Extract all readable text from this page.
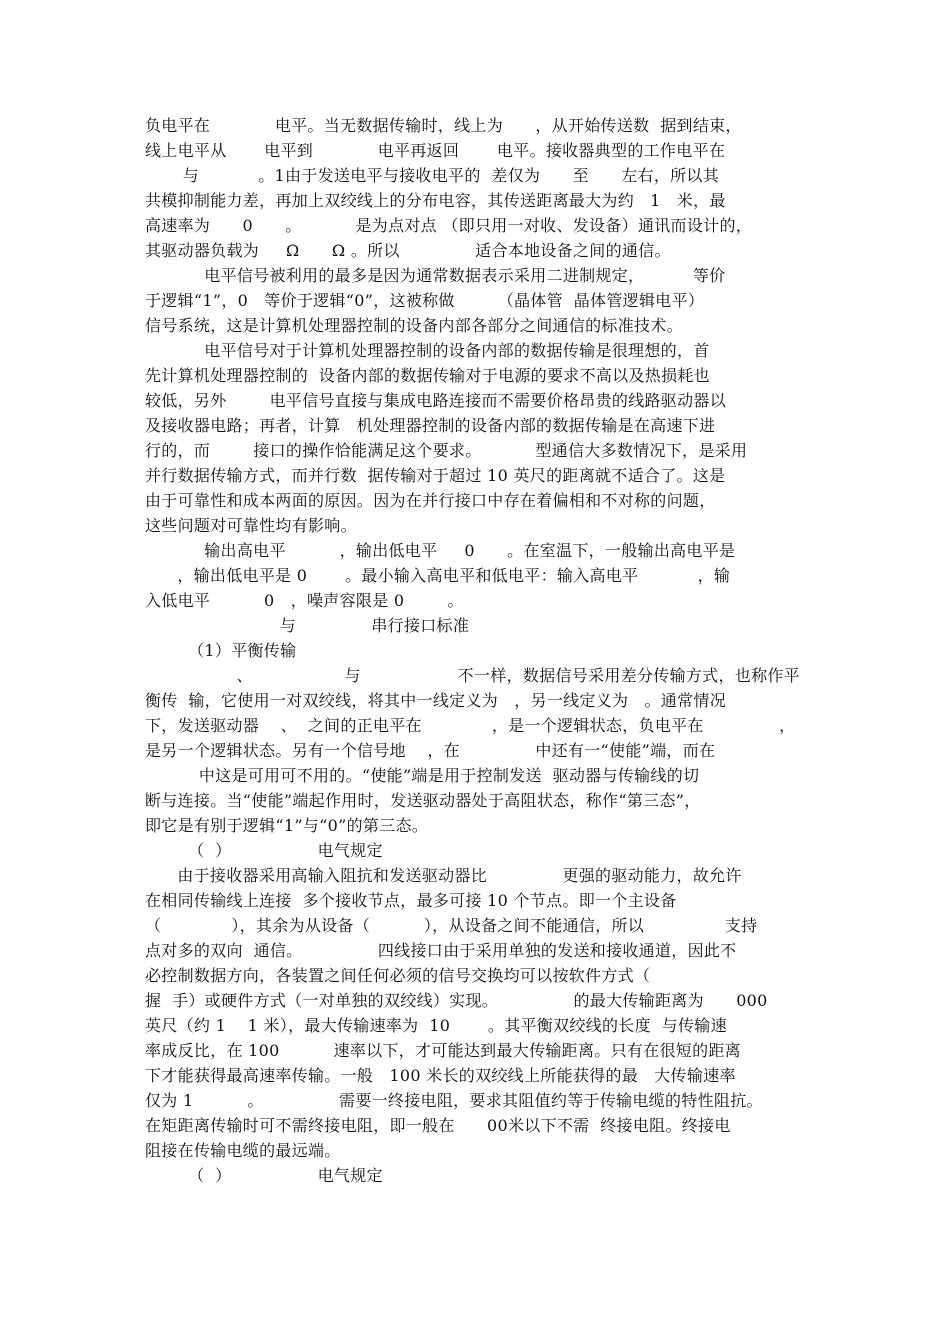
负电平在            电平。当无数据传输时，线上为      ，从开始传送数  据到结束，
线上电平从       电平到            电平再返回       电平。接收器典型的工作电平在
与           。1由于发送电平与接收电平的  差仅为      至      左右，所以其
共模抑制能力差，再加上双绞线上的分布电容，其传送距离最大为约   1   米，最
高速率为      0      。          是为点对点 （即只用一对收、发设备）通讯而设计的，
其驱动器负载为     Ω      Ω 。所以              适合本地设备之间的通信。
电平信号被利用的最多是因为通常数据表示采用二进制规定，         等价
于逻辑“1”，0   等价于逻辑“0”，这被称做        （晶体管  晶体管逻辑电平）
信号系统，这是计算机处理器控制的设备内部各部分之间通信的标准技术。
电平信号对于计算机处理器控制的设备内部的数据传输是很理想的，首
先计算机处理器控制的  设备内部的数据传输对于电源的要求不高以及热损耗也
较低，另外        电平信号直接与集成电路连接而不需要价格昂贵的线路驱动器以
及接收器电路；再者，计算   机处理器控制的设备内部的数据传输是在高速下进
行的，而        接口的操作恰能满足这个要求。          型通信大多数情况下，是采用
并行数据传输方式，而并行数  据传输对于超过 10 英尺的距离就不适合了。这是
由于可靠性和成本两面的原因。因为在并行接口中存在着偏相和不对称的问题，
这些问题对可靠性均有影响。
输出高电平          ，输出低电平     0      。在室温下，一般输出高电平是
，输出低电平是 0       。最小输入高电平和低电平：输入高电平           ，输
入低电平          0   ，噪声容限是 0        。
与              串行接口标准
（1）平衡传输
、                 与                  不一样，数据信号采用差分传输方式，也称作平
衡传  输，它使用一对双绞线，将其中一线定义为   ，另一线定义为   。通常情况
下，发送驱动器    、  之间的正电平在             ，是一个逻辑状态，负电平在              ，
是另一个逻辑状态。另有一个信号地    ，在              中还有一“使能”端，而在
中这是可用可不用的。“使能”端是用于控制发送  驱动器与传输线的切
断与连接。当“使能”端起作用时，发送驱动器处于高阻状态，称作“第三态”，
即它是有别于逻辑“1”与“0”的第三态。
（  ）                电气规定
由于接收器采用高输入阻抗和发送驱动器比              更强的驱动能力，故允许
在相同传输线上连接  多个接收节点，最多可接 10 个节点。即一个主设备
（             ），其余为从设备（          ），从设备之间不能通信，所以               支持
点对多的双向  通信。              四线接口由于采用单独的发送和接收通道，因此不
必控制数据方向，各装置之间任何必须的信号交换均可以按软件方式（
握  手）或硬件方式（一对单独的双绞线）实现。              的最大传输距离为      000
英尺（约 1    1 米），最大传输速率为  10       。其平衡双绞线的长度  与传输速
率成反比，在 100          速率以下，才可能达到最大传输距离。只有在很短的距离
下才能获得最高速率传输。一般   100 米长的双绞线上所能获得的最   大传输速率
仅为 1          。              需要一终接电阻，要求其阻值约等于传输电缆的特性阻抗。
在矩距离传输时可不需终接电阻，即一般在      00米以下不需  终接电阻。终接电
阻接在传输电缆的最远端。
（  ）                电气规定
